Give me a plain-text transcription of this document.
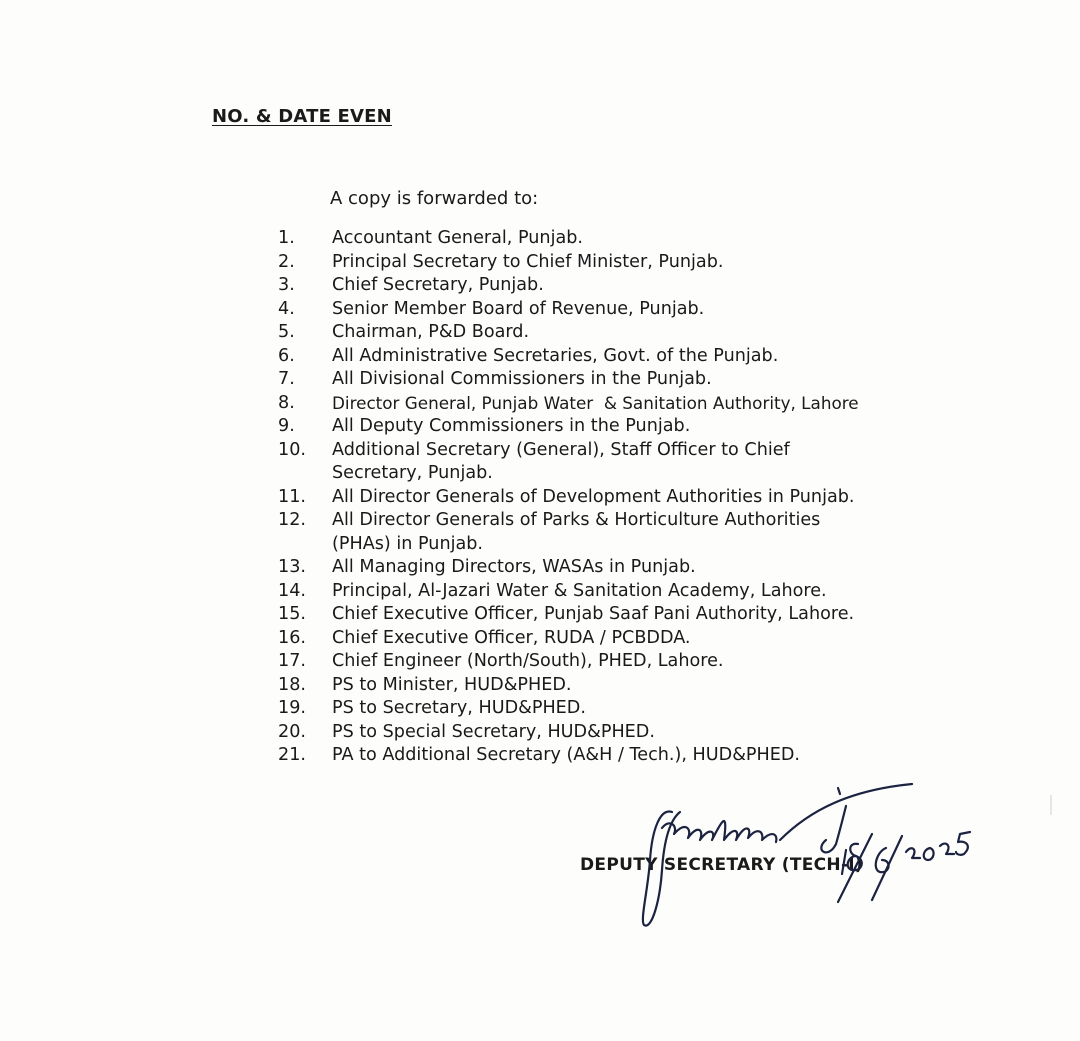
NO. & DATE EVEN
A copy is forwarded to:
1.	Accountant General, Punjab.
2.	Principal Secretary to Chief Minister, Punjab.
3.	Chief Secretary, Punjab.
4.	Senior Member Board of Revenue, Punjab.
5.	Chairman, P&D Board.
6.	All Administrative Secretaries, Govt. of the Punjab.
7.	All Divisional Commissioners in the Punjab.
8.	Director General, Punjab Water  & Sanitation Authority, Lahore
9.	All Deputy Commissioners in the Punjab.
10.	Additional Secretary (General), Staff Officer to Chief Secretary, Punjab.
11.	All Director Generals of Development Authorities in Punjab.
12.	All Director Generals of Parks & Horticulture Authorities (PHAs) in Punjab.
13.	All Managing Directors, WASAs in Punjab.
14.	Principal, Al-Jazari Water & Sanitation Academy, Lahore.
15.	Chief Executive Officer, Punjab Saaf Pani Authority, Lahore.
16.	Chief Executive Officer, RUDA / PCBDDA.
17.	Chief Engineer (North/South), PHED, Lahore.
18.	PS to Minister, HUD&PHED.
19.	PS to Secretary, HUD&PHED.
20.	PS to Special Secretary, HUD&PHED.
21.	PA to Additional Secretary (A&H / Tech.), HUD&PHED.
DEPUTY SECRETARY (TECH-I)
